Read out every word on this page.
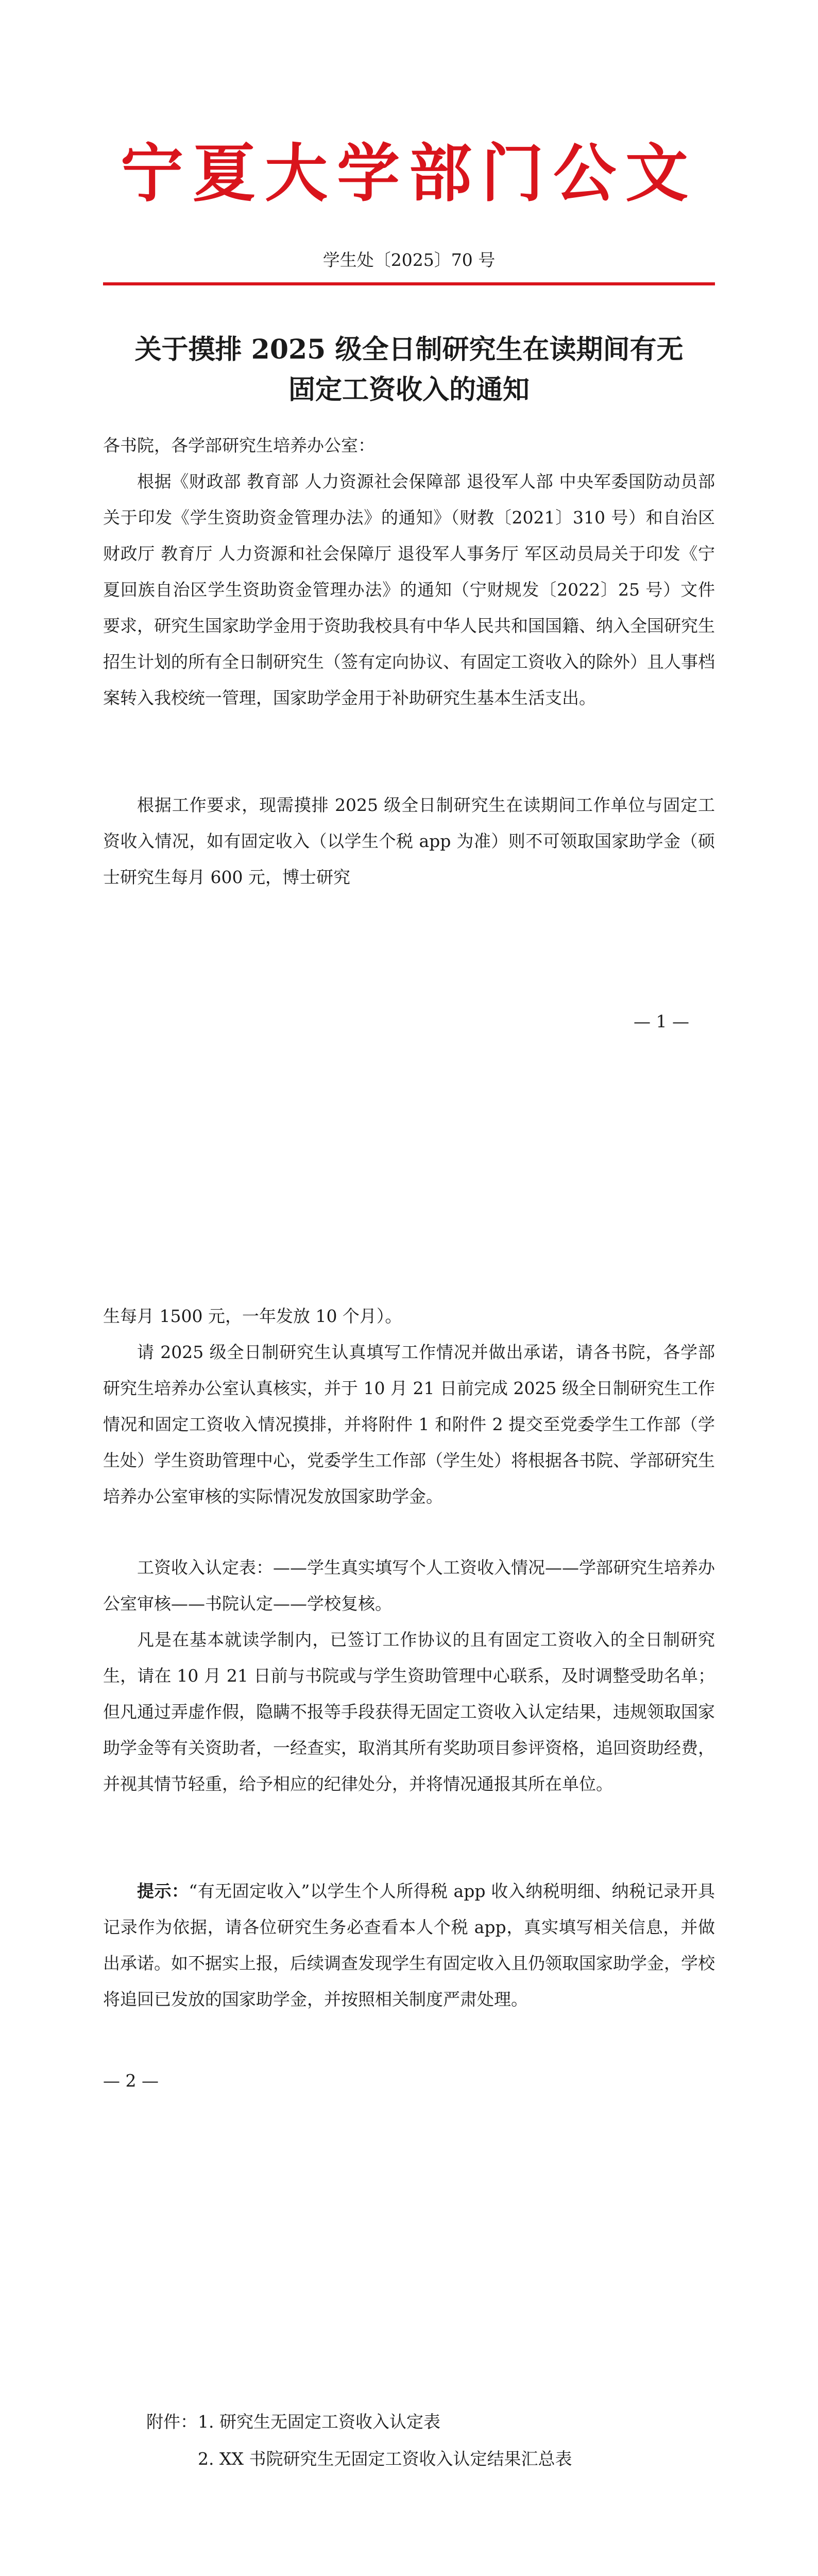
宁夏大学部门公文
学生处〔2025〕70 号
关于摸排 2025 级全日制研究生在读期间有无
固定工资收入的通知

各书院，各学部研究生培养办公室：

根据《财政部 教育部 人力资源社会保障部 退役军人部 中央军委国防动员部关于印发《学生资助资金管理办法》的通知》（财教〔2021〕310 号）和自治区财政厅 教育厅 人力资源和社会保障厅 退役军人事务厅 军区动员局关于印发《宁夏回族自治区学生资助资金管理办法》的通知（宁财规发〔2022〕25 号）文件要求，研究生国家助学金用于资助我校具有中华人民共和国国籍、纳入全国研究生招生计划的所有全日制研究生（签有定向协议、有固定工资收入的除外）且人事档案转入我校统一管理，国家助学金用于补助研究生基本生活支出。

根据工作要求，现需摸排 2025 级全日制研究生在读期间工作单位与固定工资收入情况，如有固定收入（以学生个税 app 为准）则不可领取国家助学金（硕士研究生每月 600 元，博士研究

— 1 —

生每月 1500 元，一年发放 10 个月）。

请 2025 级全日制研究生认真填写工作情况并做出承诺，请各书院，各学部研究生培养办公室认真核实，并于 10 月 21 日前完成 2025 级全日制研究生工作情况和固定工资收入情况摸排，并将附件 1 和附件 2 提交至党委学生工作部（学生处）学生资助管理中心，党委学生工作部（学生处）将根据各书院、学部研究生培养办公室审核的实际情况发放国家助学金。

工资收入认定表：——学生真实填写个人工资收入情况——学部研究生培养办公室审核——书院认定——学校复核。

凡是在基本就读学制内，已签订工作协议的且有固定工资收入的全日制研究生，请在 10 月 21 日前与书院或与学生资助管理中心联系，及时调整受助名单；但凡通过弄虚作假，隐瞒不报等手段获得无固定工资收入认定结果，违规领取国家助学金等有关资助者，一经查实，取消其所有奖助项目参评资格，追回资助经费，并视其情节轻重，给予相应的纪律处分，并将情况通报其所在单位。

提示：“有无固定收入”以学生个人所得税 app 收入纳税明细、纳税记录开具记录作为依据，请各位研究生务必查看本人个税 app，真实填写相关信息，并做出承诺。如不据实上报，后续调查发现学生有固定收入且仍领取国家助学金，学校将追回已发放的国家助学金，并按照相关制度严肃处理。

— 2 —
附件： 1. 研究生无固定工资收入认定表
2. XX 书院研究生无固定工资收入认定结果汇总表
